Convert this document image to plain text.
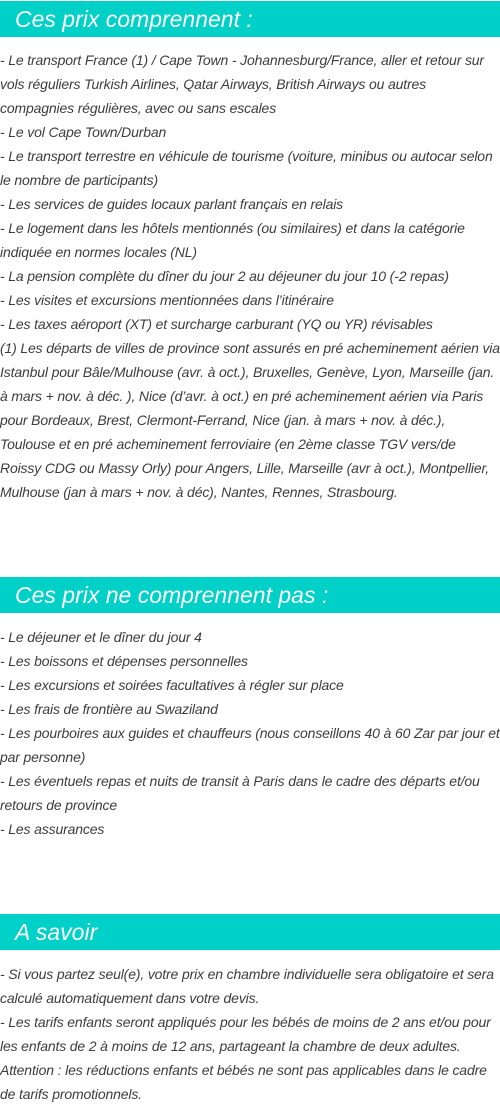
Ces prix comprennent :
- Le transport France (1) / Cape Town - Johannesburg/France, aller et retour sur vols réguliers Turkish Airlines, Qatar Airways, British Airways ou autres compagnies régulières, avec ou sans escales
- Le vol Cape Town/Durban
- Le transport terrestre en véhicule de tourisme (voiture, minibus ou autocar selon le nombre de participants)
- Les services de guides locaux parlant français en relais
- Le logement dans les hôtels mentionnés (ou similaires) et dans la catégorie indiquée en normes locales (NL)
- La pension complète du dîner du jour 2 au déjeuner du jour 10 (-2 repas)
- Les visites et excursions mentionnées dans l’itinéraire
- Les taxes aéroport (XT) et surcharge carburant (YQ ou YR) révisables
(1) Les départs de villes de province sont assurés en pré acheminement aérien via Istanbul pour Bâle/Mulhouse (avr. à oct.), Bruxelles, Genève, Lyon, Marseille (jan. à mars + nov. à déc. ), Nice (d’avr. à oct.) en pré acheminement aérien via Paris pour Bordeaux, Brest, Clermont-Ferrand, Nice (jan. à mars + nov. à déc.), Toulouse et en pré acheminement ferroviaire (en 2ème classe TGV vers/de Roissy CDG ou Massy Orly) pour Angers, Lille, Marseille (avr à oct.), Montpellier, Mulhouse (jan à mars + nov. à déc), Nantes, Rennes, Strasbourg.
Ces prix ne comprennent pas :
- Le déjeuner et le dîner du jour 4
- Les boissons et dépenses personnelles
- Les excursions et soirées facultatives à régler sur place
- Les frais de frontière au Swaziland
- Les pourboires aux guides et chauffeurs (nous conseillons 40 à 60 Zar par jour et par personne)
- Les éventuels repas et nuits de transit à Paris dans le cadre des départs et/ou retours de province
- Les assurances
A savoir
- Si vous partez seul(e), votre prix en chambre individuelle sera obligatoire et sera calculé automatiquement dans votre devis.
- Les tarifs enfants seront appliqués pour les bébés de moins de 2 ans et/ou pour les enfants de 2 à moins de 12 ans, partageant la chambre de deux adultes. Attention : les réductions enfants et bébés ne sont pas applicables dans le cadre de tarifs promotionnels.
